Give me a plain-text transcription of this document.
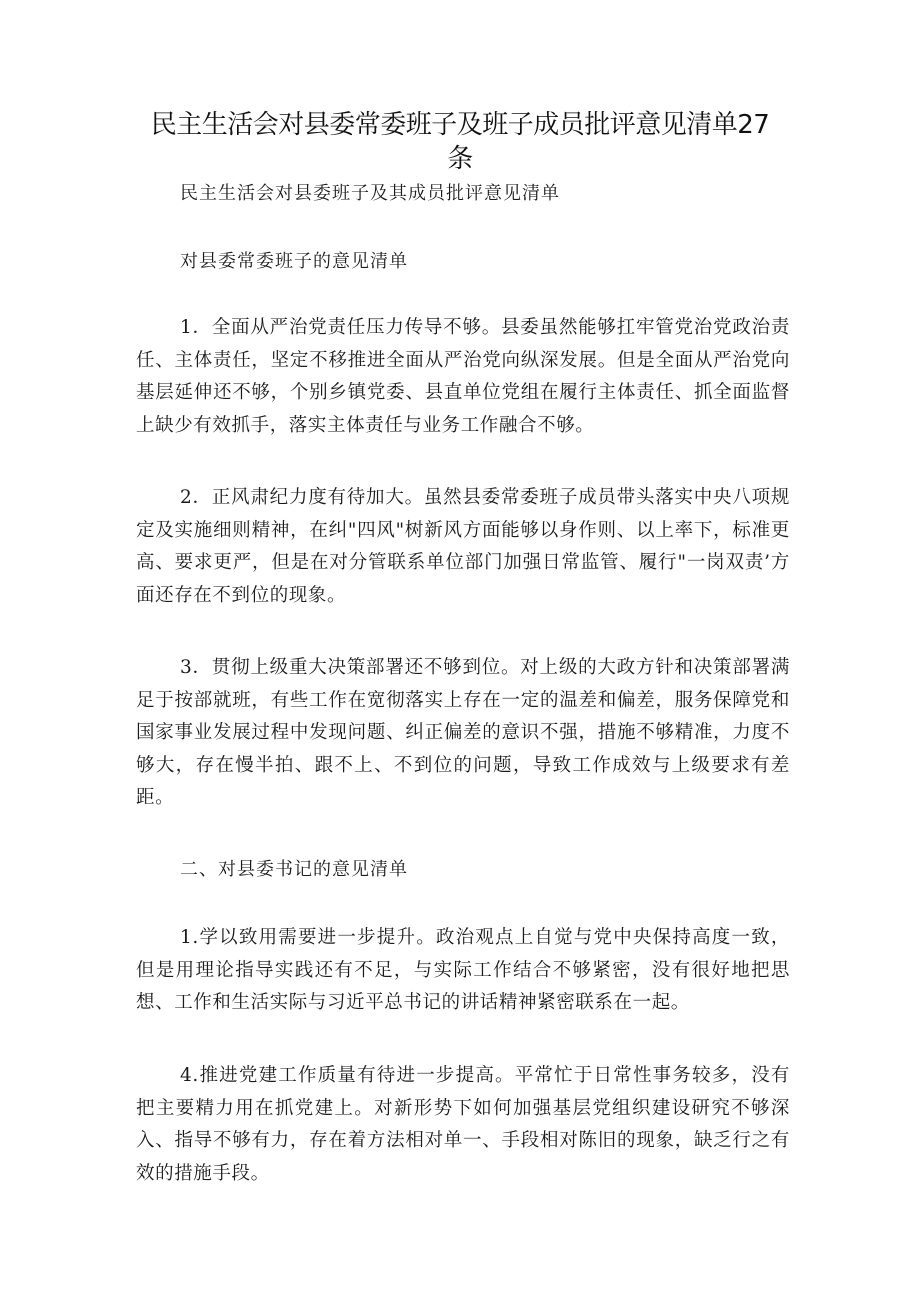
民主生活会对县委常委班子及班子成员批评意见清单27条

民主生活会对县委班子及其成员批评意见清单

对县委常委班子的意见清单

1．全面从严治党责任压力传导不够。县委虽然能够扛牢管党治党政治责任、主体责任，坚定不移推进全面从严治党向纵深发展。但是全面从严治党向基层延伸还不够，个别乡镇党委、县直单位党组在履行主体责任、抓全面监督上缺少有效抓手，落实主体责任与业务工作融合不够。

2．正风肃纪力度有待加大。虽然县委常委班子成员带头落实中央八项规定及实施细则精神，在纠"四风"树新风方面能够以身作则、以上率下，标准更高、要求更严，但是在对分管联系单位部门加强日常监管、履行"一岗双责’方面还存在不到位的现象。

3．贯彻上级重大决策部署还不够到位。对上级的大政方针和决策部署满足于按部就班，有些工作在宽彻落实上存在一定的温差和偏差，服务保障党和国家事业发展过程中发现问题、纠正偏差的意识不强，措施不够精准，力度不够大，存在慢半拍、跟不上、不到位的问题，导致工作成效与上级要求有差距。

二、对县委书记的意见清单

1.学以致用需要进一步提升。政治观点上自觉与党中央保持高度一致，但是用理论指导实践还有不足，与实际工作结合不够紧密，没有很好地把思想、工作和生活实际与习近平总书记的讲话精神紧密联系在一起。

4.推进党建工作质量有待进一步提高。平常忙于日常性事务较多，没有把主要精力用在抓党建上。对新形势下如何加强基层党组织建设研究不够深入、指导不够有力，存在着方法相对单一、手段相对陈旧的现象，缺乏行之有效的措施手段。
